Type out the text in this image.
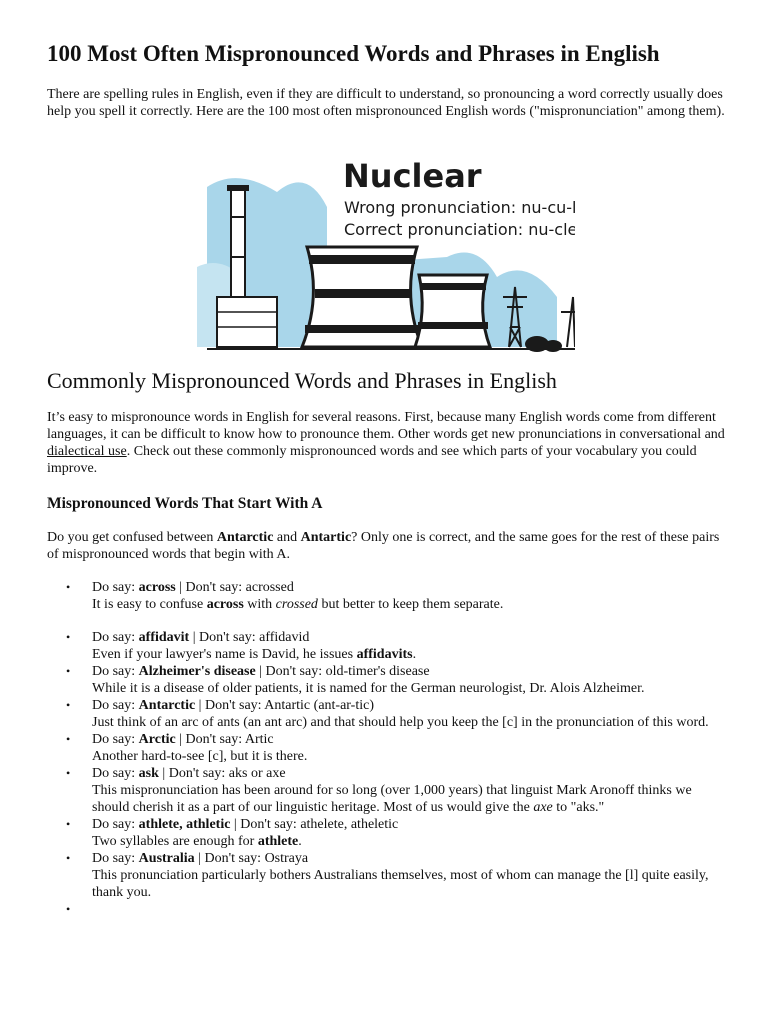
100 Most Often Mispronounced Words and Phrases in English

There are spelling rules in English, even if they are difficult to understand, so pronouncing a word correctly usually does help you spell it correctly. Here are the 100 most often mispronounced English words ("mispronunciation" among them).

Nuclear
Wrong pronunciation: nu-cu-lar
Correct pronunciation: nu-cle-ar
Commonly Mispronounced Words and Phrases in English

It’s easy to mispronounce words in English for several reasons. First, because many English words come from different languages, it can be difficult to know how to pronounce them. Other words get new pronunciations in conversational and dialectical use. Check out these commonly mispronounced words and see which parts of your vocabulary you could improve.

Mispronounced Words That Start With A

Do you get confused between Antarctic and Antartic? Only one is correct, and the same goes for the rest of these pairs of mispronounced words that begin with A.

• Do say: across | Don't say: acrossed
It is easy to confuse across with crossed but better to keep them separate.
• Do say: affidavit | Don't say: affidavid
Even if your lawyer's name is David, he issues affidavits.
• Do say: Alzheimer's disease | Don't say: old-timer's disease
While it is a disease of older patients, it is named for the German neurologist, Dr. Alois Alzheimer.
• Do say: Antarctic | Don't say: Antartic (ant-ar-tic)
Just think of an arc of ants (an ant arc) and that should help you keep the [c] in the pronunciation of this word.
• Do say: Arctic | Don't say: Artic
Another hard-to-see [c], but it is there.
• Do say: ask | Don't say: aks or axe
This mispronunciation has been around for so long (over 1,000 years) that linguist Mark Aronoff thinks we should cherish it as a part of our linguistic heritage. Most of us would give the axe to "aks."
• Do say: athlete, athletic | Don't say: athelete, atheletic
Two syllables are enough for athlete.
• Do say: Australia | Don't say: Ostraya
This pronunciation particularly bothers Australians themselves, most of whom can manage the [l] quite easily, thank you.
•
